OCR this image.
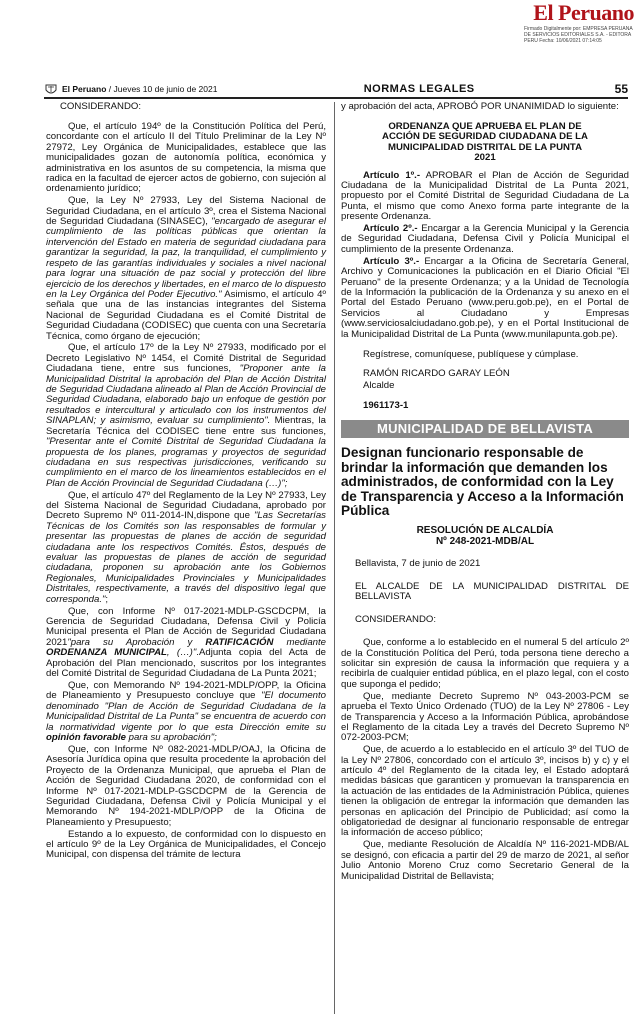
El Peruano
Firmado Digitalmente por: EMPRESA PERUANA DE SERVICIOS EDITORIALES S.A. - EDITORA PERU Fecha: 10/06/2021 07:14:05
El Peruano / Jueves 10 de junio de 2021	NORMAS LEGALES	55

CONSIDERANDO:

Que, el artículo 194º de la Constitución Política del Perú, concordante con el artículo II del Título Preliminar de la Ley Nº 27972, Ley Orgánica de Municipalidades, establece que las municipalidades gozan de autonomía política, económica y administrativa en los asuntos de su competencia, la misma que radica en la facultad de ejercer actos de gobierno, con sujeción al ordenamiento jurídico;

Que, la Ley Nº 27933, Ley del Sistema Nacional de Seguridad Ciudadana, en el artículo 3º, crea el Sistema Nacional de Seguridad Ciudadana (SINASEC), "encargado de asegurar el cumplimiento de las políticas públicas que orientan la intervención del Estado en materia de seguridad ciudadana para garantizar la seguridad, la paz, la tranquilidad, el cumplimiento y respeto de las garantías individuales y sociales a nivel nacional para lograr una situación de paz social y protección del libre ejercicio de los derechos y libertades, en el marco de lo dispuesto en la Ley Orgánica del Poder Ejecutivo." Asimismo, el artículo 4º señala que una de las instancias integrantes del Sistema Nacional de Seguridad Ciudadana es el Comité Distrital de Seguridad Ciudadana (CODISEC) que cuenta con una Secretaría Técnica, como órgano de ejecución;

Que, el artículo 17º de la Ley Nº 27933, modificado por el Decreto Legislativo Nº 1454, el Comité Distrital de Seguridad Ciudadana tiene, entre sus funciones, "Proponer ante la Municipalidad Distrital la aprobación del Plan de Acción Distrital de Seguridad Ciudadana alineado al Plan de Acción Provincial de Seguridad Ciudadana, elaborado bajo un enfoque de gestión por resultados e intercultural y articulado con los instrumentos del SINAPLAN; y asimismo, evaluar su cumplimiento". Mientras, la Secretaría Técnica del CODISEC tiene entre sus funciones, "Presentar ante el Comité Distrital de Seguridad Ciudadana la propuesta de los planes, programas y proyectos de seguridad ciudadana en sus respectivas jurisdicciones, verificando su cumplimiento en el marco de los lineamientos establecidos en el Plan de Acción Provincial de Seguridad Ciudadana (…)";

Que, el artículo 47º del Reglamento de la Ley Nº 27933, Ley del Sistema Nacional de Seguridad Ciudadana, aprobado por Decreto Supremo Nº 011-2014-IN,dispone que "Las Secretarías Técnicas de los Comités son las responsables de formular y presentar las propuestas de planes de acción de seguridad ciudadana ante los respectivos Comités. Éstos, después de evaluar las propuestas de planes de acción de seguridad ciudadana, proponen su aprobación ante los Gobiernos Regionales, Municipalidades Provinciales y Municipalidades Distritales, respectivamente, a través del dispositivo legal que corresponda.";

Que, con Informe Nº 017-2021-MDLP-GSCDCPM, la Gerencia de Seguridad Ciudadana, Defensa Civil y Policía Municipal presenta el Plan de Acción de Seguridad Ciudadana 2021"para su Aprobación y RATIFICACIÓN mediante ORDENANZA MUNICIPAL, (…)".Adjunta copia del Acta de Aprobación del Plan mencionado, suscritos por los integrantes del Comité Distrital de Seguridad Ciudadana de La Punta 2021;

Que, con Memorando Nº 194-2021-MDLP/OPP, la Oficina de Planeamiento y Presupuesto concluye que "El documento denominado "Plan de Acción de Seguridad Ciudadana de la Municipalidad Distrital de La Punta" se encuentra de acuerdo con la normatividad vigente por lo que esta Dirección emite su opinión favorable para su aprobación";

Que, con Informe Nº 082-2021-MDLP/OAJ, la Oficina de Asesoría Jurídica opina que resulta procedente la aprobación del Proyecto de la Ordenanza Municipal, que aprueba el Plan de Acción de Seguridad Ciudadana 2020, de conformidad con el Informe Nº 017-2021-MDLP-GSCDCPM de la Gerencia de Seguridad Ciudadana, Defensa Civil y Policía Municipal y el Memorando Nº 194-2021-MDLP/OPP de la Oficina de Planeamiento y Presupuesto;

Estando a lo expuesto, de conformidad con lo dispuesto en el artículo 9º de la Ley Orgánica de Municipalidades, el Concejo Municipal, con dispensa del trámite de lectura

y aprobación del acta, APROBÓ POR UNANIMIDAD lo siguiente:

ORDENANZA QUE APRUEBA EL PLAN DE ACCIÓN DE SEGURIDAD CIUDADANA DE LA MUNICIPALIDAD DISTRITAL DE LA PUNTA 2021

Artículo 1º.- APROBAR el Plan de Acción de Seguridad Ciudadana de la Municipalidad Distrital de La Punta 2021, propuesto por el Comité Distrital de Seguridad Ciudadana de La Punta, el mismo que como Anexo forma parte integrante de la presente Ordenanza.

Artículo 2º.- Encargar a la Gerencia Municipal y la Gerencia de Seguridad Ciudadana, Defensa Civil y Policía Municipal el cumplimiento de la presente Ordenanza.

Artículo 3º.- Encargar a la Oficina de Secretaría General, Archivo y Comunicaciones la publicación en el Diario Oficial "El Peruano" de la presente Ordenanza; y a la Unidad de Tecnología de la Información la publicación de la Ordenanza y su anexo en el Portal del Estado Peruano (www.peru.gob.pe), en el Portal de Servicios al Ciudadano y Empresas (www.serviciosalciudadano.gob.pe), y en el Portal Institucional de la Municipalidad Distrital de La Punta (www.munilapunta.gob.pe).

Regístrese, comuníquese, publíquese y cúmplase.

RAMÓN RICARDO GARAY LEÓN

Alcalde

1961173-1

MUNICIPALIDAD DE BELLAVISTA
Designan funcionario responsable de brindar la información que demanden los administrados, de conformidad con la Ley de Transparencia y Acceso a la Información Pública
RESOLUCIÓN DE ALCALDÍA
Nº 248-2021-MDB/AL

Bellavista, 7 de junio de 2021

EL ALCALDE DE LA MUNICIPALIDAD DISTRITAL DE BELLAVISTA

CONSIDERANDO:

Que, conforme a lo establecido en el numeral 5 del artículo 2º de la Constitución Política del Perú, toda persona tiene derecho a solicitar sin expresión de causa la información que requiera y a recibirla de cualquier entidad pública, en el plazo legal, con el costo que suponga el pedido;

Que, mediante Decreto Supremo Nº 043-2003-PCM se aprueba el Texto Único Ordenado (TUO) de la Ley Nº 27806 - Ley de Transparencia y Acceso a la Información Pública, aprobándose el Reglamento de la citada Ley a través del Decreto Supremo Nº 072-2003-PCM;

Que, de acuerdo a lo establecido en el artículo 3º del TUO de la Ley Nº 27806, concordado con el artículo 3º, incisos b) y c) y el artículo 4º del Reglamento de la citada ley, el Estado adoptará medidas básicas que garanticen y promuevan la transparencia en la actuación de las entidades de la Administración Pública, quienes tienen la obligación de entregar la información que demanden las personas en aplicación del Principio de Publicidad; así como la obligatoriedad de designar al funcionario responsable de entregar la información de acceso público;

Que, mediante Resolución de Alcaldía Nº 116-2021-MDB/AL se designó, con eficacia a partir del 29 de marzo de 2021, al señor Julio Antonio Moreno Cruz como Secretario General de la Municipalidad Distrital de Bellavista;
